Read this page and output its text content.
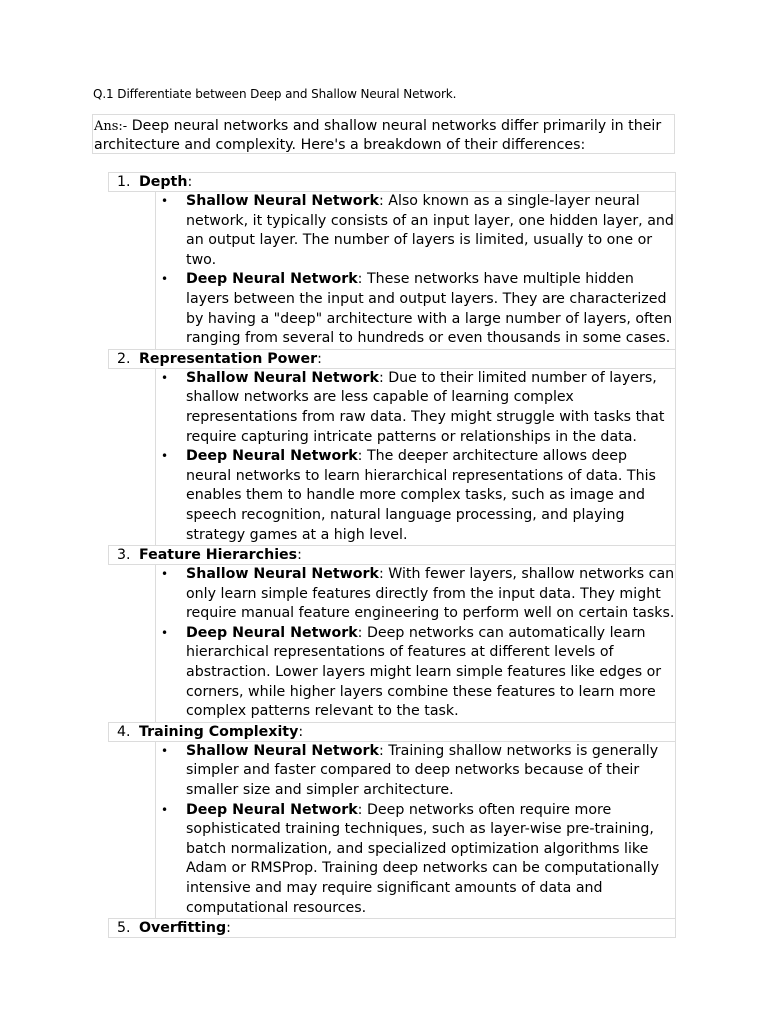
Q.1 Differentiate between Deep and Shallow Neural Network.
Ans:- Deep neural networks and shallow neural networks differ primarily in their architecture and complexity. Here's a breakdown of their differences:
1. Depth:
• Shallow Neural Network: Also known as a single-layer neural network, it typically consists of an input layer, one hidden layer, and an output layer. The number of layers is limited, usually to one or two.
• Deep Neural Network: These networks have multiple hidden layers between the input and output layers. They are characterized by having a "deep" architecture with a large number of layers, often ranging from several to hundreds or even thousands in some cases.
2. Representation Power:
• Shallow Neural Network: Due to their limited number of layers, shallow networks are less capable of learning complex representations from raw data. They might struggle with tasks that require capturing intricate patterns or relationships in the data.
• Deep Neural Network: The deeper architecture allows deep neural networks to learn hierarchical representations of data. This enables them to handle more complex tasks, such as image and speech recognition, natural language processing, and playing strategy games at a high level.
3. Feature Hierarchies:
• Shallow Neural Network: With fewer layers, shallow networks can only learn simple features directly from the input data. They might require manual feature engineering to perform well on certain tasks.
• Deep Neural Network: Deep networks can automatically learn hierarchical representations of features at different levels of abstraction. Lower layers might learn simple features like edges or corners, while higher layers combine these features to learn more complex patterns relevant to the task.
4. Training Complexity:
• Shallow Neural Network: Training shallow networks is generally simpler and faster compared to deep networks because of their smaller size and simpler architecture.
• Deep Neural Network: Deep networks often require more sophisticated training techniques, such as layer-wise pre-training, batch normalization, and specialized optimization algorithms like Adam or RMSProp. Training deep networks can be computationally intensive and may require significant amounts of data and computational resources.
5. Overfitting:
